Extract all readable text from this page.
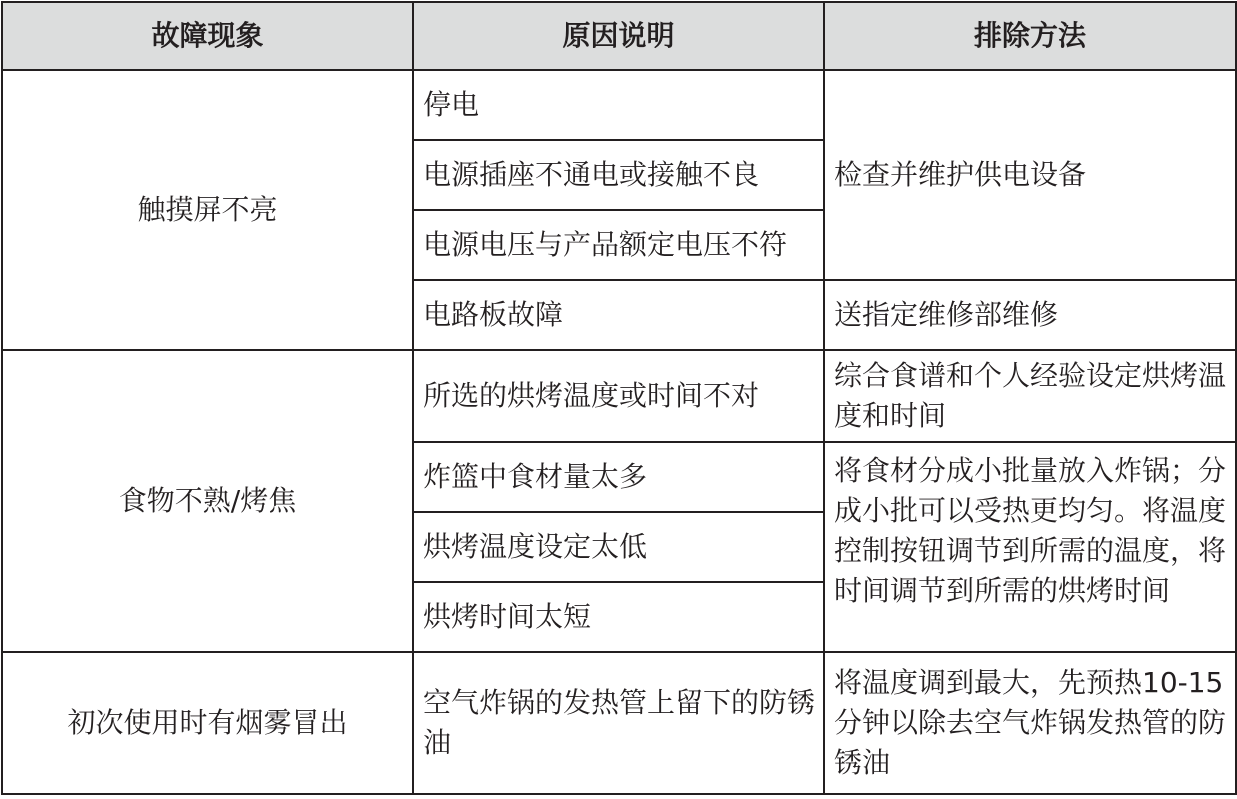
故障现象	原因说明	排除方法
触摸屏不亮	停电	检查并维护供电设备
	电源插座不通电或接触不良	
	电源电压与产品额定电压不符	
	电路板故障	送指定维修部维修
食物不熟/烤焦	所选的烘烤温度或时间不对	综合食谱和个人经验设定烘烤温度和时间
	炸篮中食材量太多	将食材分成小批量放入炸锅；分成小批可以受热更均匀。将温度控制按钮调节到所需的温度，将时间调节到所需的烘烤时间
	烘烤温度设定太低	
	烘烤时间太短	
初次使用时有烟雾冒出	空气炸锅的发热管上留下的防锈油	将温度调到最大，先预热10-15分钟以除去空气炸锅发热管的防锈油
